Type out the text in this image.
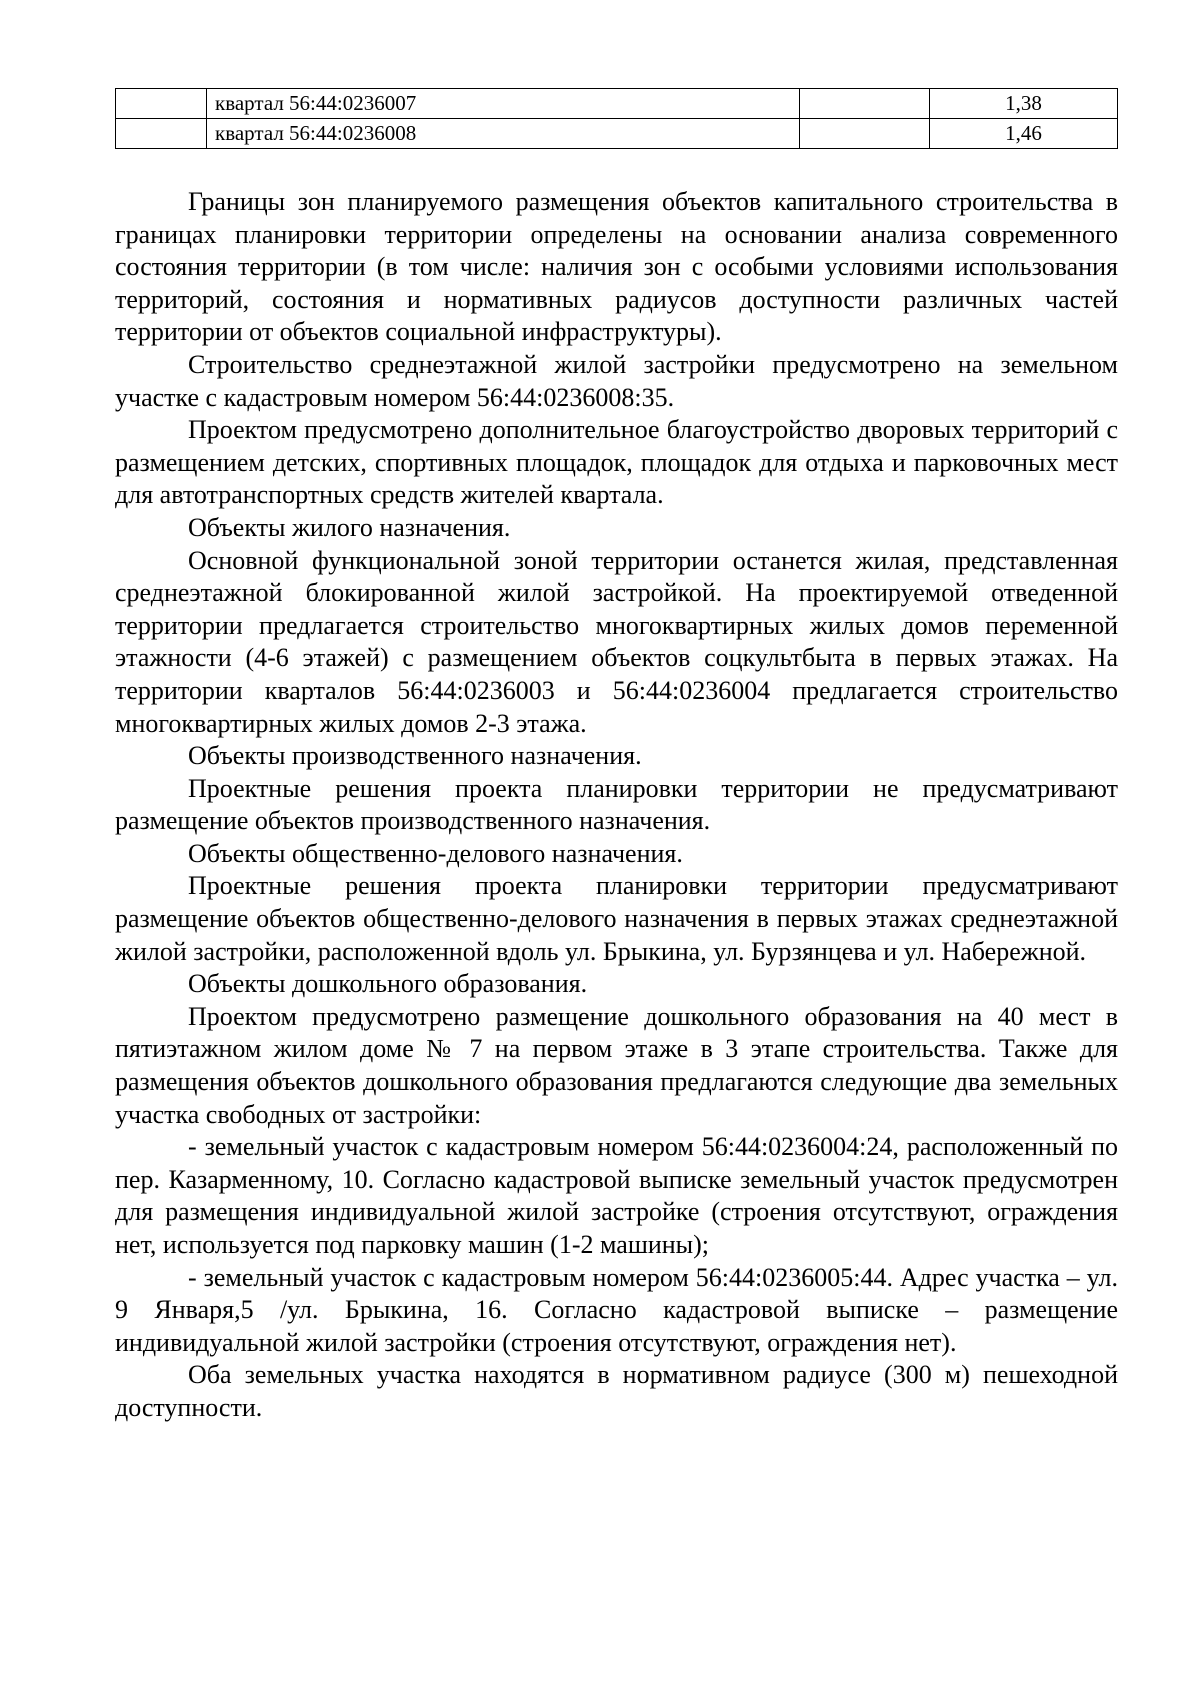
	квартал 56:44:0236007		1,38
	квартал 56:44:0236008		1,46

Границы зон планируемого размещения объектов капитального строительства в границах планировки территории определены на основании анализа современного состояния территории (в том числе: наличия зон с особыми условиями использования территорий, состояния и нормативных радиусов доступности различных частей территории от объектов социальной инфраструктуры).

Строительство среднеэтажной жилой застройки предусмотрено на земельном участке с кадастровым номером 56:44:0236008:35.

Проектом предусмотрено дополнительное благоустройство дворовых территорий с размещением детских, спортивных площадок, площадок для отдыха и парковочных мест для автотранспортных средств жителей квартала.

Объекты жилого назначения.

Основной функциональной зоной территории останется жилая, представленная среднеэтажной блокированной жилой застройкой. На проектируемой отведенной территории предлагается строительство многоквартирных жилых домов переменной этажности (4-6 этажей) с размещением объектов соцкультбыта в первых этажах. На территории кварталов 56:44:0236003 и 56:44:0236004 предлагается строительство многоквартирных жилых домов 2-3 этажа.

Объекты производственного назначения.

Проектные решения проекта планировки территории не предусматривают размещение объектов производственного назначения.

Объекты общественно-делового назначения.

Проектные решения проекта планировки территории предусматривают размещение объектов общественно-делового назначения в первых этажах среднеэтажной жилой застройки, расположенной вдоль ул. Брыкина, ул. Бурзянцева и ул. Набережной.

Объекты дошкольного образования.

Проектом предусмотрено размещение дошкольного образования на 40 мест в пятиэтажном жилом доме № 7 на первом этаже в 3 этапе строительства. Также для размещения объектов дошкольного образования предлагаются следующие два земельных участка свободных от застройки:

- земельный участок с кадастровым номером 56:44:0236004:24, расположенный по пер. Казарменному, 10. Согласно кадастровой выписке земельный участок предусмотрен для размещения индивидуальной жилой застройке (строения отсутствуют, ограждения нет, используется под парковку машин (1-2 машины);

- земельный участок с кадастровым номером 56:44:0236005:44. Адрес участка – ул. 9 Января,5 /ул. Брыкина, 16. Согласно кадастровой выписке – размещение индивидуальной жилой застройки (строения отсутствуют, ограждения нет).

Оба земельных участка находятся в нормативном радиусе (300 м) пешеходной доступности.
